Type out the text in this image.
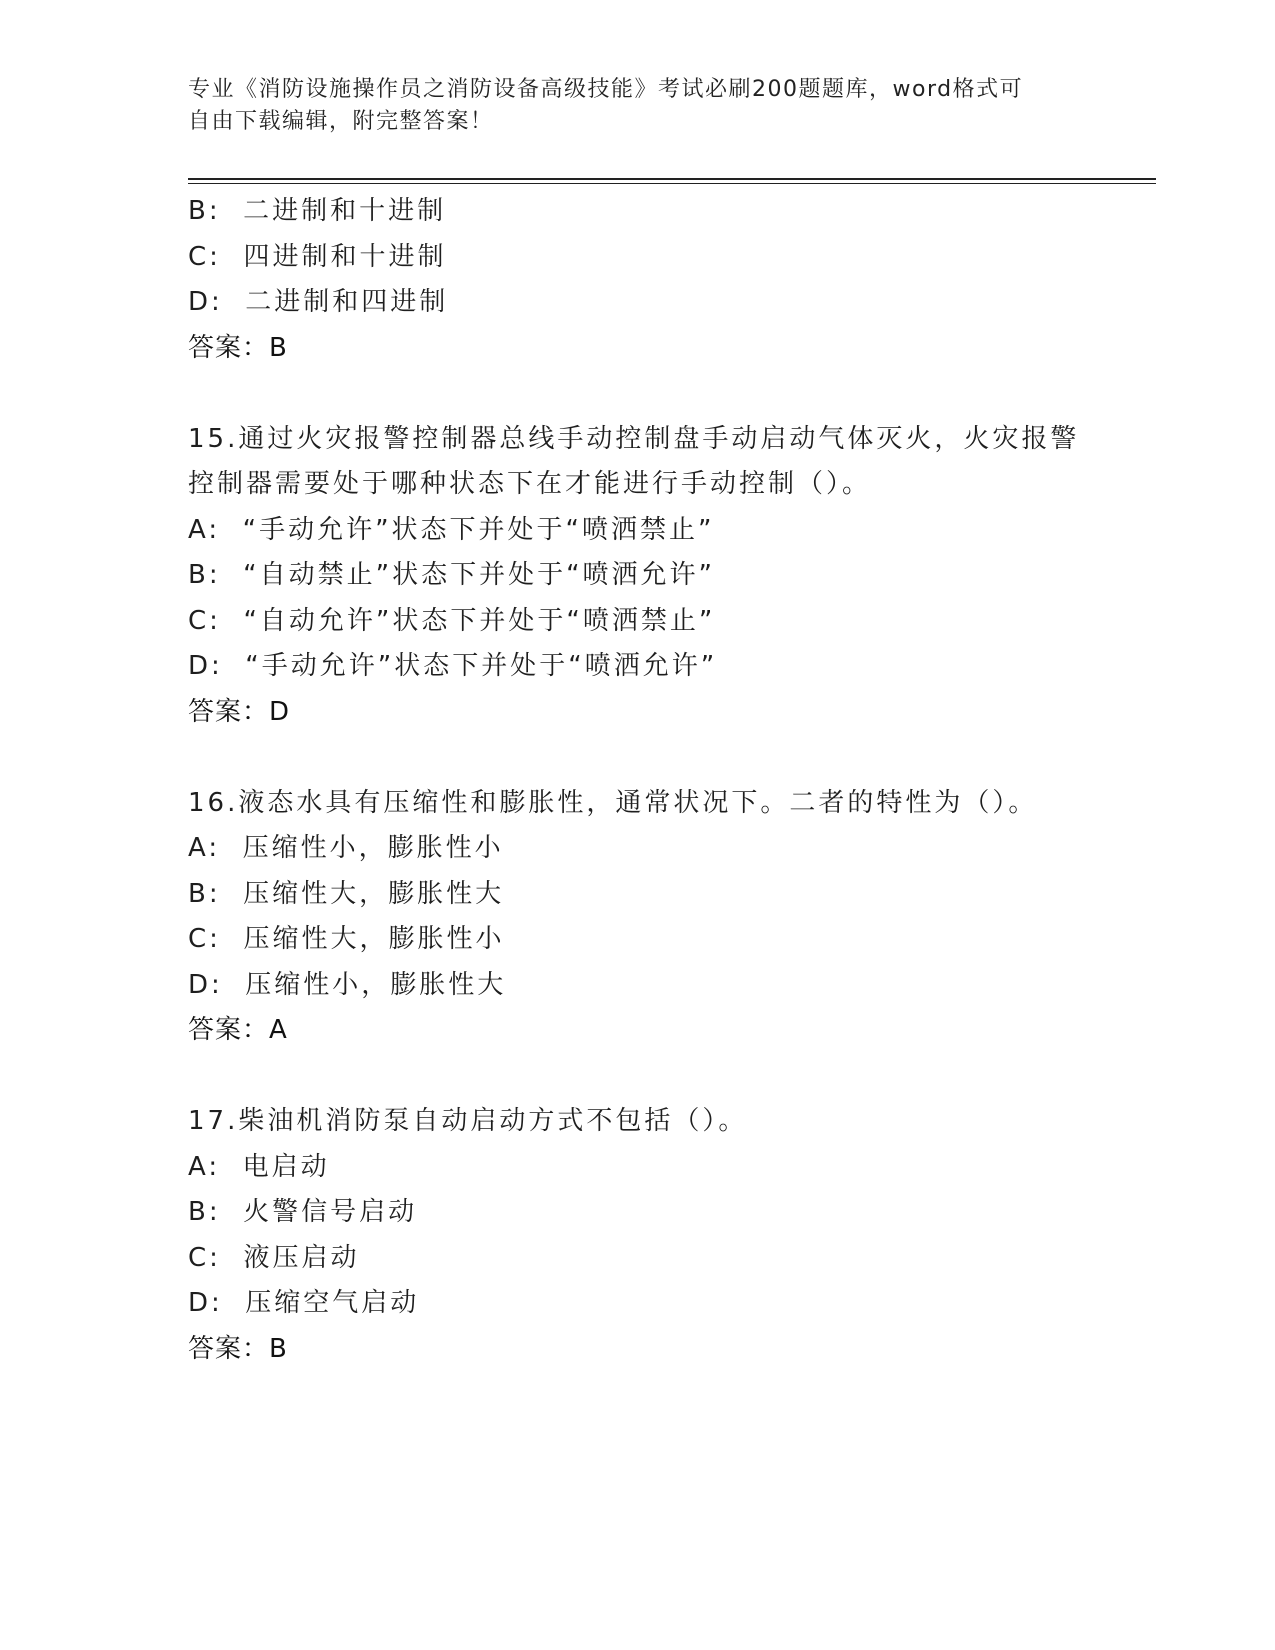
专业《消防设施操作员之消防设备高级技能》考试必刷200题题库，word格式可
自由下载编辑，附完整答案！
B:  二进制和十进制
C:  四进制和十进制
D:  二进制和四进制
答案：B
15.通过火灾报警控制器总线手动控制盘手动启动气体灭火，火灾报警
控制器需要处于哪种状态下在才能进行手动控制（）。
A:  “手动允许”状态下并处于“喷洒禁止”
B:  “自动禁止”状态下并处于“喷洒允许”
C:  “自动允许”状态下并处于“喷洒禁止”
D:  “手动允许”状态下并处于“喷洒允许”
答案：D
16.液态水具有压缩性和膨胀性，通常状况下。二者的特性为（）。
A:  压缩性小，膨胀性小
B:  压缩性大，膨胀性大
C:  压缩性大，膨胀性小
D:  压缩性小，膨胀性大
答案：A
17.柴油机消防泵自动启动方式不包括（）。
A:  电启动
B:  火警信号启动
C:  液压启动
D:  压缩空气启动
答案：B
